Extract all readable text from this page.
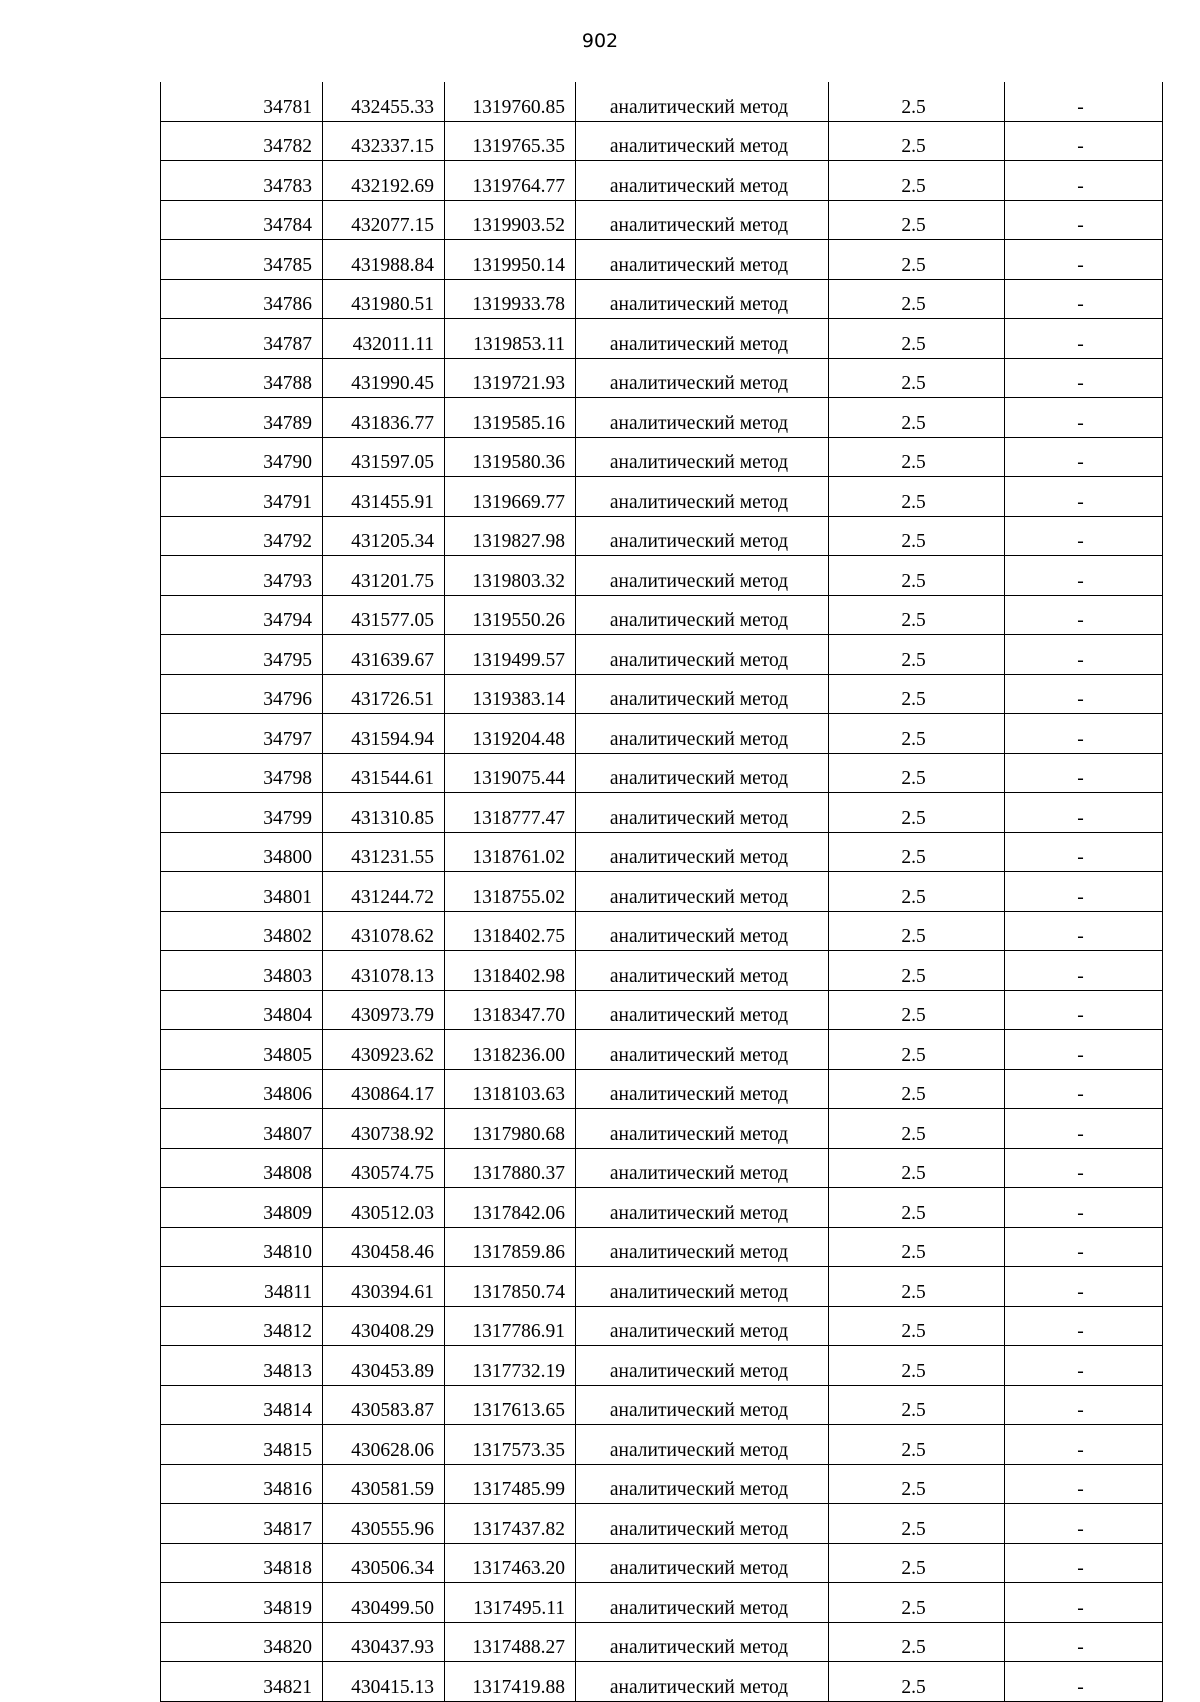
902
34781	432455.33	1319760.85	аналитический метод	2.5	-
34782	432337.15	1319765.35	аналитический метод	2.5	-
34783	432192.69	1319764.77	аналитический метод	2.5	-
34784	432077.15	1319903.52	аналитический метод	2.5	-
34785	431988.84	1319950.14	аналитический метод	2.5	-
34786	431980.51	1319933.78	аналитический метод	2.5	-
34787	432011.11	1319853.11	аналитический метод	2.5	-
34788	431990.45	1319721.93	аналитический метод	2.5	-
34789	431836.77	1319585.16	аналитический метод	2.5	-
34790	431597.05	1319580.36	аналитический метод	2.5	-
34791	431455.91	1319669.77	аналитический метод	2.5	-
34792	431205.34	1319827.98	аналитический метод	2.5	-
34793	431201.75	1319803.32	аналитический метод	2.5	-
34794	431577.05	1319550.26	аналитический метод	2.5	-
34795	431639.67	1319499.57	аналитический метод	2.5	-
34796	431726.51	1319383.14	аналитический метод	2.5	-
34797	431594.94	1319204.48	аналитический метод	2.5	-
34798	431544.61	1319075.44	аналитический метод	2.5	-
34799	431310.85	1318777.47	аналитический метод	2.5	-
34800	431231.55	1318761.02	аналитический метод	2.5	-
34801	431244.72	1318755.02	аналитический метод	2.5	-
34802	431078.62	1318402.75	аналитический метод	2.5	-
34803	431078.13	1318402.98	аналитический метод	2.5	-
34804	430973.79	1318347.70	аналитический метод	2.5	-
34805	430923.62	1318236.00	аналитический метод	2.5	-
34806	430864.17	1318103.63	аналитический метод	2.5	-
34807	430738.92	1317980.68	аналитический метод	2.5	-
34808	430574.75	1317880.37	аналитический метод	2.5	-
34809	430512.03	1317842.06	аналитический метод	2.5	-
34810	430458.46	1317859.86	аналитический метод	2.5	-
34811	430394.61	1317850.74	аналитический метод	2.5	-
34812	430408.29	1317786.91	аналитический метод	2.5	-
34813	430453.89	1317732.19	аналитический метод	2.5	-
34814	430583.87	1317613.65	аналитический метод	2.5	-
34815	430628.06	1317573.35	аналитический метод	2.5	-
34816	430581.59	1317485.99	аналитический метод	2.5	-
34817	430555.96	1317437.82	аналитический метод	2.5	-
34818	430506.34	1317463.20	аналитический метод	2.5	-
34819	430499.50	1317495.11	аналитический метод	2.5	-
34820	430437.93	1317488.27	аналитический метод	2.5	-
34821	430415.13	1317419.88	аналитический метод	2.5	-
